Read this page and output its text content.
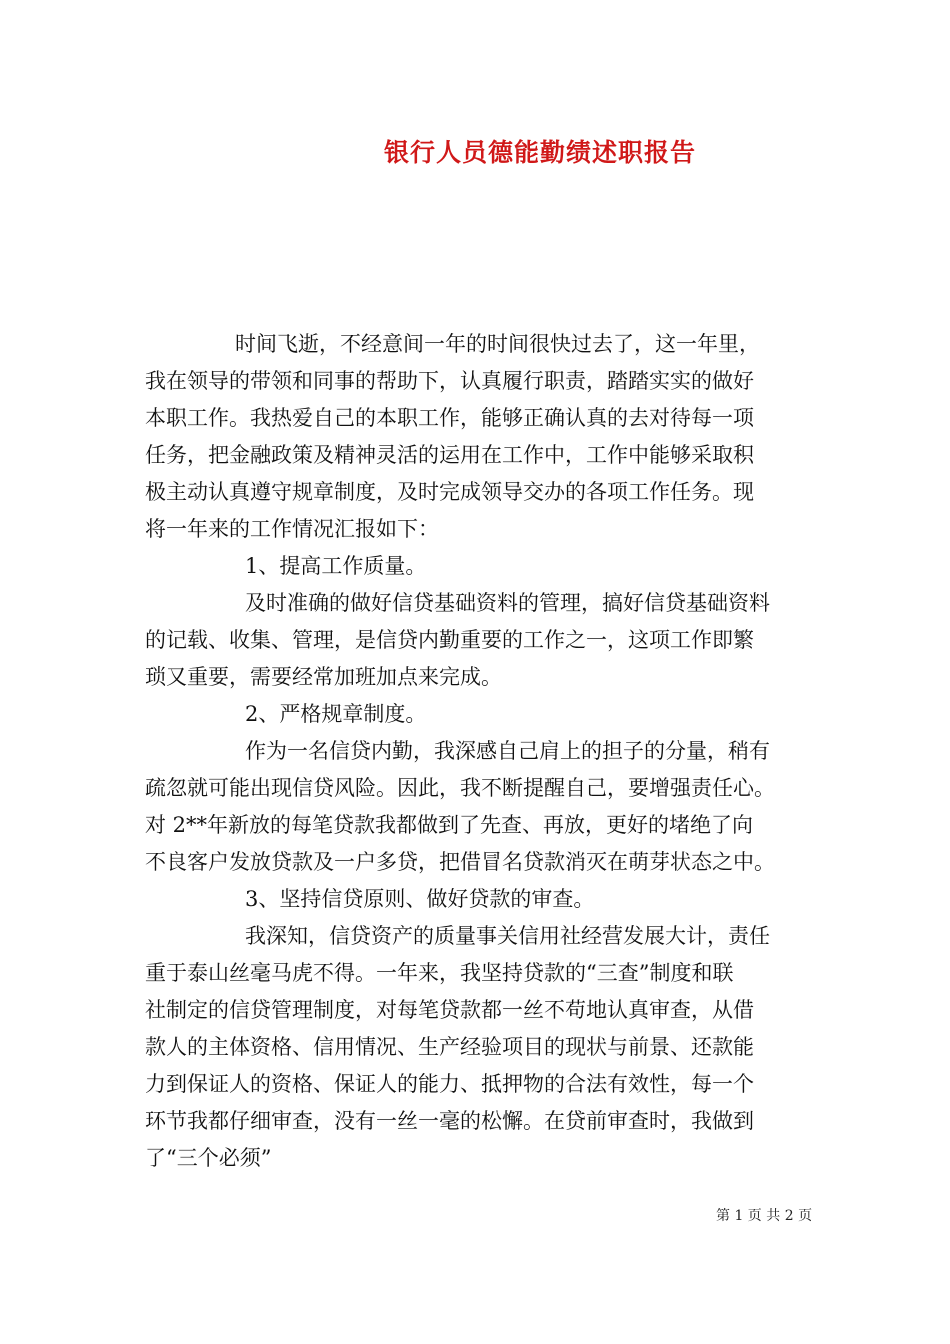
银行人员德能勤绩述职报告
时间飞逝，不经意间一年的时间很快过去了，这一年里，
我在领导的带领和同事的帮助下，认真履行职责，踏踏实实的做好
本职工作。我热爱自己的本职工作，能够正确认真的去对待每一项
任务，把金融政策及精神灵活的运用在工作中，工作中能够采取积
极主动认真遵守规章制度，及时完成领导交办的各项工作任务。现
将一年来的工作情况汇报如下：
1、提高工作质量。
及时准确的做好信贷基础资料的管理，搞好信贷基础资料
的记载、收集、管理，是信贷内勤重要的工作之一，这项工作即繁
琐又重要，需要经常加班加点来完成。
2、严格规章制度。
作为一名信贷内勤，我深感自己肩上的担子的分量，稍有
疏忽就可能出现信贷风险。因此，我不断提醒自己，要增强责任心。
对 2**年新放的每笔贷款我都做到了先查、再放，更好的堵绝了向
不良客户发放贷款及一户多贷，把借冒名贷款消灭在萌芽状态之中。
3、坚持信贷原则、做好贷款的审查。
我深知，信贷资产的质量事关信用社经营发展大计，责任
重于泰山丝毫马虎不得。一年来，我坚持贷款的“三查”制度和联
社制定的信贷管理制度，对每笔贷款都一丝不苟地认真审查，从借
款人的主体资格、信用情况、生产经验项目的现状与前景、还款能
力到保证人的资格、保证人的能力、抵押物的合法有效性，每一个
环节我都仔细审查，没有一丝一毫的松懈。在贷前审查时，我做到
了“三个必须”
第 1 页 共 2 页
